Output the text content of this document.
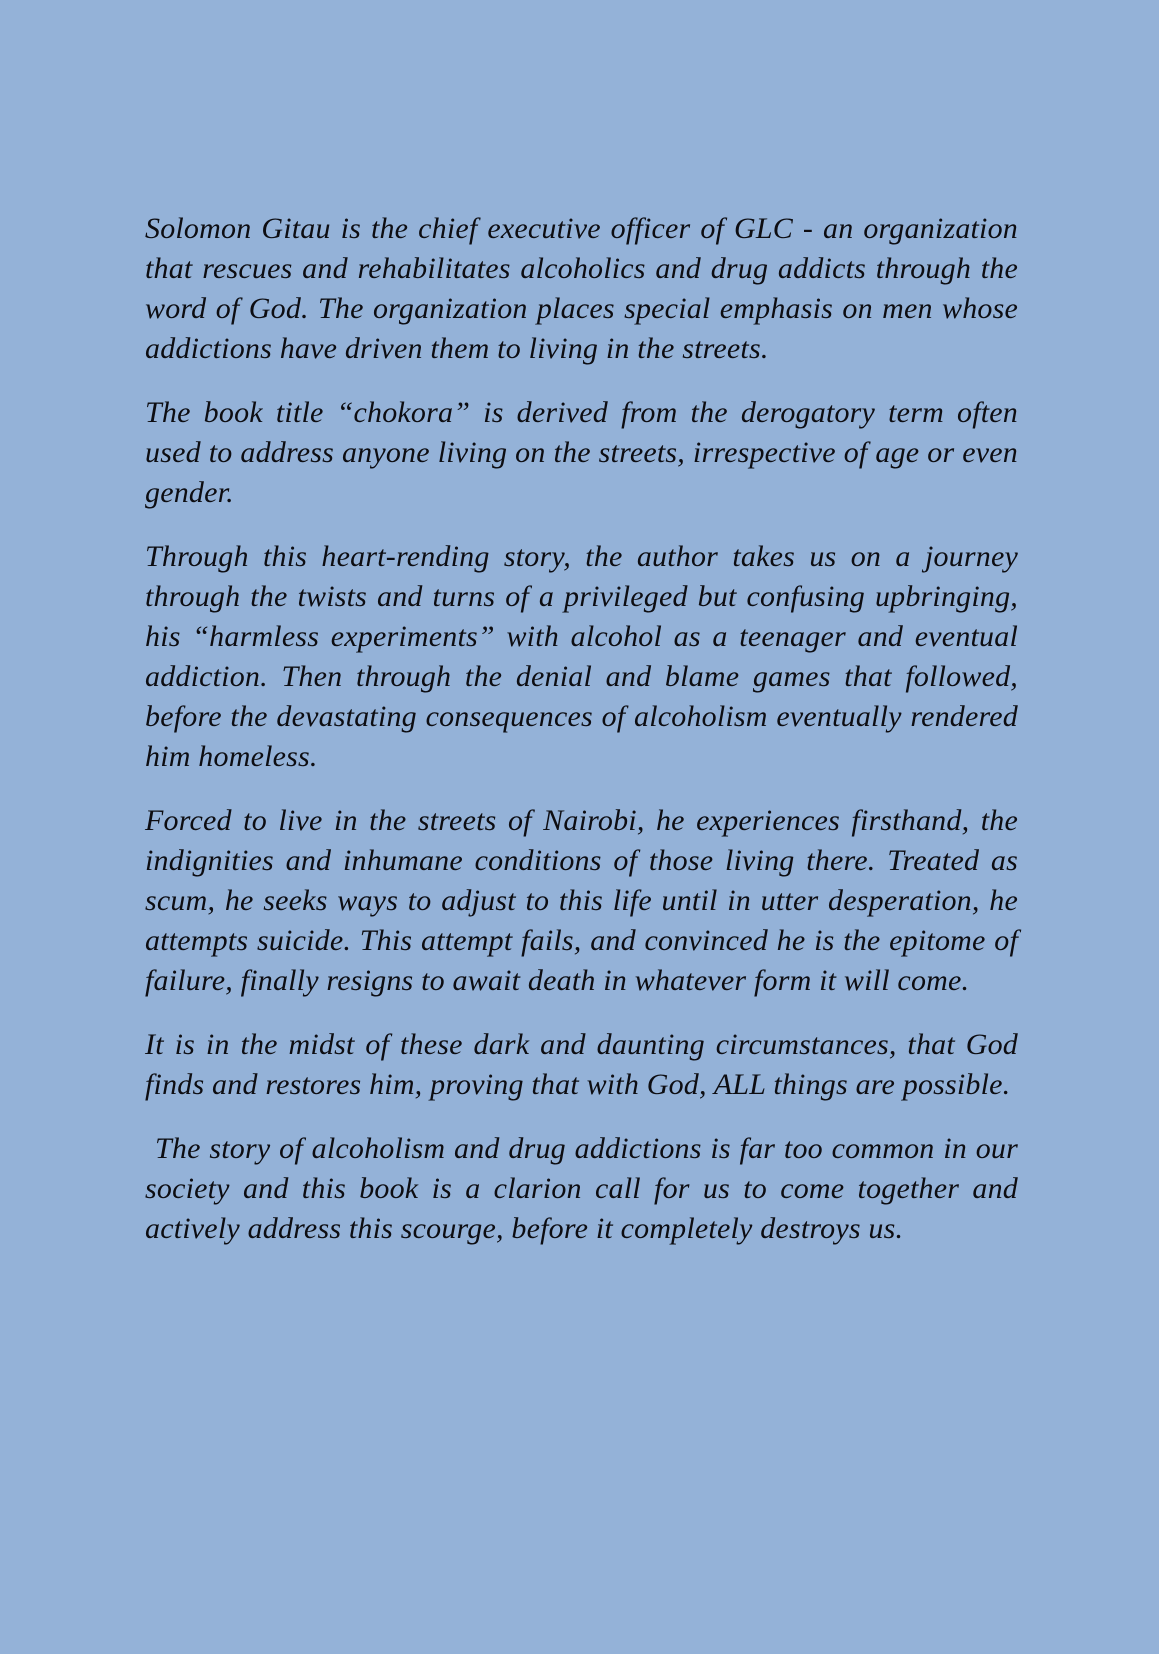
Solomon Gitau is the chief executive officer of GLC - an organization that rescues and rehabilitates alcoholics and drug addicts through the word of God. The organization places special emphasis on men whose addictions have driven them to living in the streets.

The book title “chokora” is derived from the derogatory term often used to address anyone living on the streets, irrespective of age or even gender.

Through this heart-rending story, the author takes us on a journey through the twists and turns of a privileged but confusing upbringing, his “harmless experiments” with alcohol as a teenager and eventual addiction. Then through the denial and blame games that followed, before the devastating consequences of alcoholism eventually rendered him homeless.

Forced to live in the streets of Nairobi, he experiences firsthand, the indignities and inhumane conditions of those living there. Treated as scum, he seeks ways to adjust to this life until in utter desperation, he attempts suicide. This attempt fails, and convinced he is the epitome of failure, finally resigns to await death in whatever form it will come.

It is in the midst of these dark and daunting circumstances, that God finds and restores him, proving that with God, ALL things are possible.

The story of alcoholism and drug addictions is far too common in our society and this book is a clarion call for us to come together and actively address this scourge, before it completely destroys us.
